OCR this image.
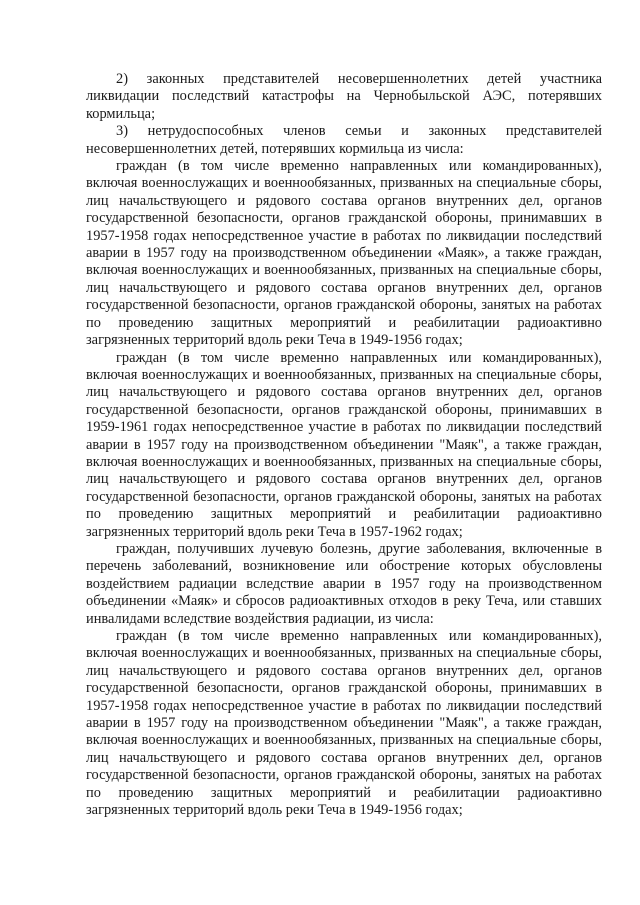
2) законных представителей несовершеннолетних детей участника ликвидации последствий катастрофы на Чернобыльской АЭС, потерявших кормильца;

3) нетрудоспособных членов семьи и законных представителей несовершеннолетних детей, потерявших кормильца из числа:

граждан (в том числе временно направленных или командированных), включая военнослужащих и военнообязанных, призванных на специальные сборы, лиц начальствующего и рядового состава органов внутренних дел, органов государственной безопасности, органов гражданской обороны, принимавших в 1957-1958 годах непосредственное участие в работах по ликвидации последствий аварии в 1957 году на производственном объединении «Маяк», а также граждан, включая военнослужащих и военнообязанных, призванных на специальные сборы, лиц начальствующего и рядового состава органов внутренних дел, органов государственной безопасности, органов гражданской обороны, занятых на работах по проведению защитных мероприятий и реабилитации радиоактивно загрязненных территорий вдоль реки Теча в 1949-1956 годах;

граждан (в том числе временно направленных или командированных), включая военнослужащих и военнообязанных, призванных на специальные сборы, лиц начальствующего и рядового состава органов внутренних дел, органов государственной безопасности, органов гражданской обороны, принимавших в 1959-1961 годах непосредственное участие в работах по ликвидации последствий аварии в 1957 году на производственном объединении "Маяк", а также граждан, включая военнослужащих и военнообязанных, призванных на специальные сборы, лиц начальствующего и рядового состава органов внутренних дел, органов государственной безопасности, органов гражданской обороны, занятых на работах по проведению защитных мероприятий и реабилитации радиоактивно загрязненных территорий вдоль реки Теча в 1957-1962 годах;

граждан, получивших лучевую болезнь, другие заболевания, включенные в перечень заболеваний, возникновение или обострение которых обусловлены воздействием радиации вследствие аварии в 1957 году на производственном объединении «Маяк» и сбросов радиоактивных отходов в реку Теча, или ставших инвалидами вследствие воздействия радиации, из числа:

граждан (в том числе временно направленных или командированных), включая военнослужащих и военнообязанных, призванных на специальные сборы, лиц начальствующего и рядового состава органов внутренних дел, органов государственной безопасности, органов гражданской обороны, принимавших в 1957-1958 годах непосредственное участие в работах по ликвидации последствий аварии в 1957 году на производственном объединении "Маяк", а также граждан, включая военнослужащих и военнообязанных, призванных на специальные сборы, лиц начальствующего и рядового состава органов внутренних дел, органов государственной безопасности, органов гражданской обороны, занятых на работах по проведению защитных мероприятий и реабилитации радиоактивно загрязненных территорий вдоль реки Теча в 1949-1956 годах;
